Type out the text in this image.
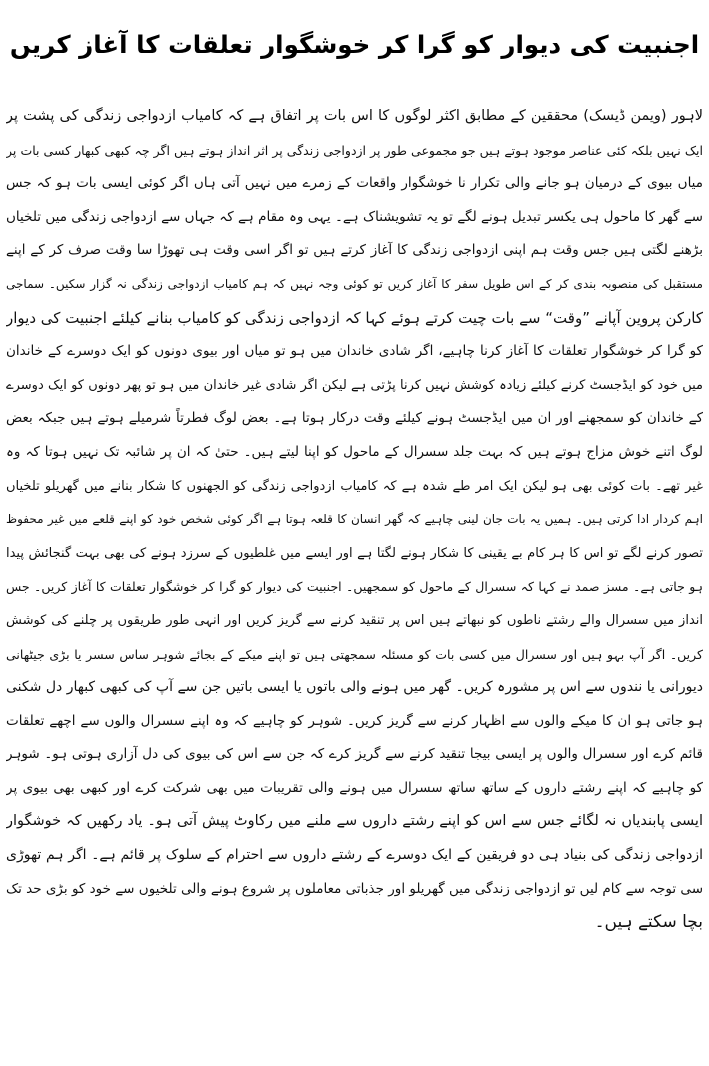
اجنبیت کی دیوار کو گرا کر خوشگوار تعلقات کا آغاز کریں
لاہور (ویمن ڈیسک) محققین کے مطابق اکثر لوگوں کا اس بات پر اتفاق ہے کہ کامیاب ازدواجی زندگی کی پشت پر
ایک نہیں بلکہ کئی عناصر موجود ہوتے ہیں جو مجموعی طور پر ازدواجی زندگی پر اثر انداز ہوتے ہیں اگر چہ کبھی کبھار کسی بات پر
میاں بیوی کے درمیان ہو جانے والی تکرار نا خوشگوار واقعات کے زمرے میں نہیں آتی ہاں اگر کوئی ایسی بات ہو کہ جس
سے گھر کا ماحول ہی یکسر تبدیل ہونے لگے تو یہ تشویشناک ہے۔ یہی وہ مقام ہے کہ جہاں سے ازدواجی زندگی میں تلخیاں
بڑھنے لگتی ہیں جس وقت ہم اپنی ازدواجی زندگی کا آغاز کرتے ہیں تو اگر اسی وقت ہی تھوڑا سا وقت صرف کر کے اپنے
مستقبل کی منصوبہ بندی کر کے اس طویل سفر کا آغاز کریں تو کوئی وجہ نہیں کہ ہم کامیاب ازدواجی زندگی نہ گزار سکیں۔ سماجی
کارکن پروین آپانے ”وقت“ سے بات چیت کرتے ہوئے کہا کہ ازدواجی زندگی کو کامیاب بنانے کیلئے اجنبیت کی دیوار
کو گرا کر خوشگوار تعلقات کا آغاز کرنا چاہیے، اگر شادی خاندان میں ہو تو میاں اور بیوی دونوں کو ایک دوسرے کے خاندان
میں خود کو ایڈجسٹ کرنے کیلئے زیادہ کوشش نہیں کرنا پڑتی ہے لیکن اگر شادی غیر خاندان میں ہو تو پھر دونوں کو ایک دوسرے
کے خاندان کو سمجھنے اور ان میں ایڈجسٹ ہونے کیلئے وقت درکار ہوتا ہے۔ بعض لوگ فطرتاً شرمیلے ہوتے ہیں جبکہ بعض
لوگ اتنے خوش مزاج ہوتے ہیں کہ بہت جلد سسرال کے ماحول کو اپنا لیتے ہیں۔ حتیٰ کہ ان پر شائبہ تک نہیں ہوتا کہ وہ
غیر تھے۔ بات کوئی بھی ہو لیکن ایک امر طے شدہ ہے کہ کامیاب ازدواجی زندگی کو الجھنوں کا شکار بنانے میں گھریلو تلخیاں
اہم کردار ادا کرتی ہیں۔ ہمیں یہ بات جان لینی چاہیے کہ گھر انسان کا قلعہ ہوتا ہے اگر کوئی شخص خود کو اپنے قلعے میں غیر محفوظ
تصور کرنے لگے تو اس کا ہر کام بے یقینی کا شکار ہونے لگتا ہے اور ایسے میں غلطیوں کے سرزد ہونے کی بھی بہت گنجائش پیدا
ہو جاتی ہے۔ مسز صمد نے کہا کہ سسرال کے ماحول کو سمجھیں۔ اجنبیت کی دیوار کو گرا کر خوشگوار تعلقات کا آغاز کریں۔ جس
انداز میں سسرال والے رشتے ناطوں کو نبھاتے ہیں اس پر تنقید کرنے سے گریز کریں اور انہی طور طریقوں پر چلنے کی کوشش
کریں۔ اگر آپ بہو ہیں اور سسرال میں کسی بات کو مسئلہ سمجھتی ہیں تو اپنے میکے کے بجائے شوہر ساس سسر یا بڑی جیٹھانی
دیورانی یا نندوں سے اس پر مشورہ کریں۔ گھر میں ہونے والی باتوں یا ایسی باتیں جن سے آپ کی کبھی کبھار دل شکنی
ہو جاتی ہو ان کا میکے والوں سے اظہار کرنے سے گریز کریں۔ شوہر کو چاہیے کہ وہ اپنے سسرال والوں سے اچھے تعلقات
قائم کرے اور سسرال والوں پر ایسی بیجا تنقید کرنے سے گریز کرے کہ جن سے اس کی بیوی کی دل آزاری ہوتی ہو۔ شوہر
کو چاہیے کہ اپنے رشتے داروں کے ساتھ ساتھ سسرال میں ہونے والی تقریبات میں بھی شرکت کرے اور کبھی بھی بیوی پر
ایسی پابندیاں نہ لگائے جس سے اس کو اپنے رشتے داروں سے ملنے میں رکاوٹ پیش آتی ہو۔ یاد رکھیں کہ خوشگوار
ازدواجی زندگی کی بنیاد ہی دو فریقین کے ایک دوسرے کے رشتے داروں سے احترام کے سلوک پر قائم ہے۔ اگر ہم تھوڑی
سی توجہ سے کام لیں تو ازدواجی زندگی میں گھریلو اور جذباتی معاملوں پر شروع ہونے والی تلخیوں سے خود کو بڑی حد تک
بچا سکتے ہیں۔
